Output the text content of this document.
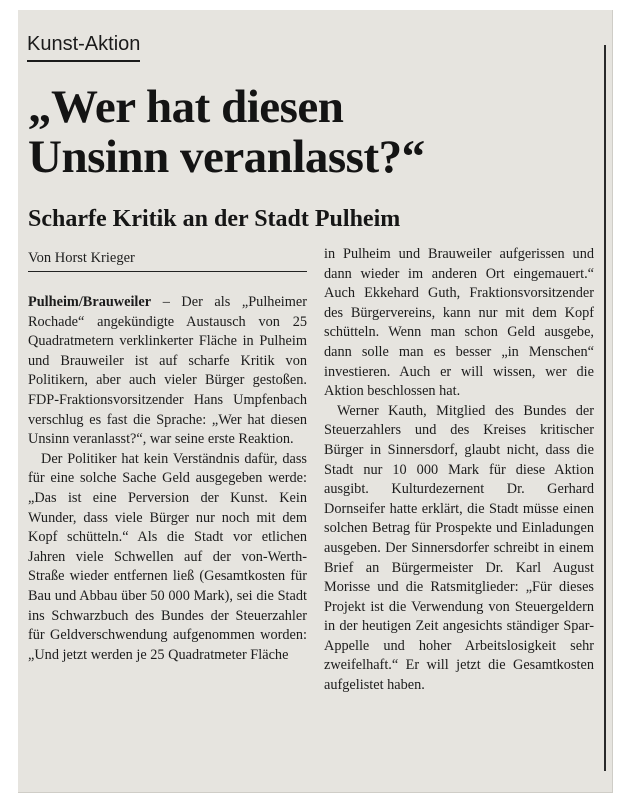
Kunst-Aktion
„Wer hat diesen
Unsinn veranlasst?“
Scharfe Kritik an der Stadt Pulheim
Von Horst Krieger

Pulheim/Brauweiler – Der als „Pulheimer Rochade“ angekündigte Austausch von 25 Quadratmetern verklinkerter Fläche in Pulheim und Brauweiler ist auf scharfe Kritik von Politikern, aber auch vieler Bürger gestoßen. FDP-Fraktionsvorsitzender Hans Umpfenbach verschlug es fast die Sprache: „Wer hat diesen Unsinn veranlasst?“, war seine erste Reaktion.

Der Politiker hat kein Verständnis dafür, dass für eine solche Sache Geld ausgegeben werde: „Das ist eine Perversion der Kunst. Kein Wunder, dass viele Bürger nur noch mit dem Kopf schütteln.“ Als die Stadt vor etlichen Jahren viele Schwellen auf der von-Werth-Straße wieder entfernen ließ (Gesamtkosten für Bau und Abbau über 50 000 Mark), sei die Stadt ins Schwarzbuch des Bundes der Steuerzahler für Geldverschwendung aufgenommen worden: „Und jetzt werden je 25 Quadratmeter Fläche

in Pulheim und Brauweiler aufgerissen und dann wieder im anderen Ort eingemauert.“ Auch Ekkehard Guth, Fraktionsvorsitzender des Bürgervereins, kann nur mit dem Kopf schütteln. Wenn man schon Geld ausgebe, dann solle man es besser „in Menschen“ investieren. Auch er will wissen, wer die Aktion beschlossen hat.

Werner Kauth, Mitglied des Bundes der Steuerzahlers und des Kreises kritischer Bürger in Sinnersdorf, glaubt nicht, dass die Stadt nur 10 000 Mark für diese Aktion ausgibt. Kulturdezernent Dr. Gerhard Dornseifer hatte erklärt, die Stadt müsse einen solchen Betrag für Prospekte und Einladungen ausgeben. Der Sinnersdorfer schreibt in einem Brief an Bürgermeister Dr. Karl August Morisse und die Ratsmitglieder: „Für dieses Projekt ist die Verwendung von Steuergeldern in der heutigen Zeit angesichts ständiger Spar-Appelle und hoher Arbeitslosigkeit sehr zweifelhaft.“ Er will jetzt die Gesamtkosten aufgelistet haben.
